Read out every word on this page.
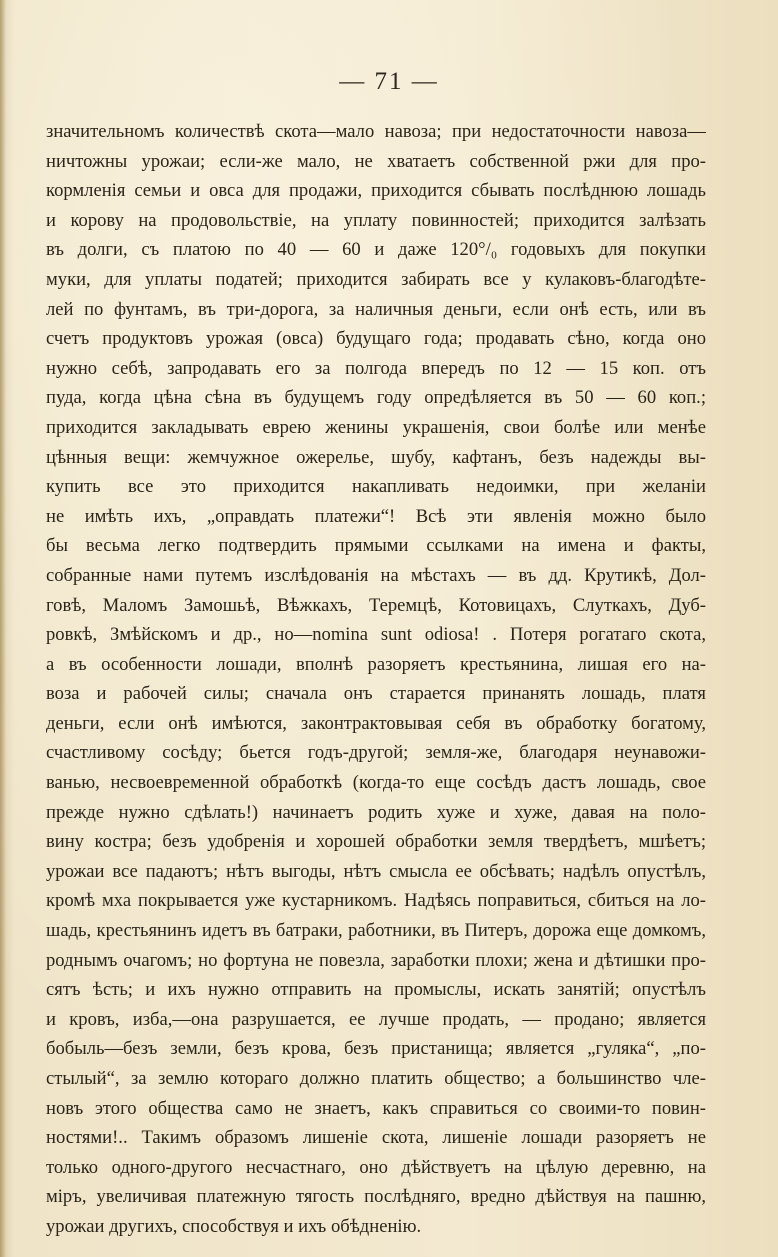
— 71 —
значительномъ количествѣ скота—мало навоза; при недостаточности навоза—
ничтожны урожаи; если-же мало, не хватаетъ собственной ржи для про-
кормленія семьи и овса для продажи, приходится сбывать послѣднюю лошадь
и корову на продовольствіе, на уплату повинностей; приходится залѣзать
въ долги, съ платою по 40 — 60 и даже 120°/₀ годовыхъ для покупки
муки, для уплаты податей; приходится забирать все у кулаковъ-благодѣте-
лей по фунтамъ, въ три-дорога, за наличныя деньги, если онѣ есть, или въ
счетъ продуктовъ урожая (овса) будущаго года; продавать сѣно, когда оно
нужно себѣ, запродавать его за полгода впередъ по 12 — 15 коп. отъ
пуда, когда цѣна сѣна въ будущемъ году опредѣляется въ 50 — 60 коп.;
приходится закладывать еврею женины украшенія, свои болѣе или менѣе
цѣнныя вещи: жемчужное ожерелье, шубу, кафтанъ, безъ надежды вы-
купить все это приходится накапливать недоимки, при желаніи
не имѣть ихъ, „оправдать платежи“! Всѣ эти явленія можно было
бы весьма легко подтвердить прямыми ссылками на имена и факты,
собранные нами путемъ изслѣдованія на мѣстахъ — въ дд. Крутикѣ, Дол-
говѣ, Маломъ Замошьѣ, Вѣжкахъ, Теремцѣ, Котовицахъ, Слуткахъ, Дуб-
ровкѣ, Змѣйскомъ и др., но—nomina sunt odiosa! . Потеря рогатаго скота,
а въ особенности лошади, вполнѣ разоряетъ крестьянина, лишая его на-
воза и рабочей силы; сначала онъ старается принанять лошадь, платя
деньги, если онѣ имѣются, законтрактовывая себя въ обработку богатому,
счастливому сосѣду; бьется годъ-другой; земля-же, благодаря неунавожи-
ванью, несвоевременной обработкѣ (когда-то еще сосѣдъ дастъ лошадь, свое
прежде нужно сдѣлать!) начинаетъ родить хуже и хуже, давая на поло-
вину костра; безъ удобренія и хорошей обработки земля твердѣетъ, мшѣетъ;
урожаи все падаютъ; нѣтъ выгоды, нѣтъ смысла ее обсѣвать; надѣлъ опустѣлъ,
кромѣ мха покрывается уже кустарникомъ. Надѣясь поправиться, сбиться на ло-
шадь, крестьянинъ идетъ въ батраки, работники, въ Питеръ, дорожа еще домкомъ,
роднымъ очагомъ; но фортуна не повезла, заработки плохи; жена и дѣтишки про-
сятъ ѣсть; и ихъ нужно отправить на промыслы, искать занятій; опустѣлъ
и кровъ, изба,—она разрушается, ее лучше продать, — продано; является
бобыль—безъ земли, безъ крова, безъ пристанища; является „гуляка“, „по-
стылый“, за землю котораго должно платить общество; а большинство чле-
новъ этого общества само не знаетъ, какъ справиться со своими-то повин-
ностями!.. Такимъ образомъ лишеніе скота, лишеніе лошади разоряетъ не
только одного-другого несчастнаго, оно дѣйствуетъ на цѣлую деревню, на
міръ, увеличивая платежную тягость послѣдняго, вредно дѣйствуя на пашню,
урожаи другихъ, способствуя и ихъ обѣдненію.
